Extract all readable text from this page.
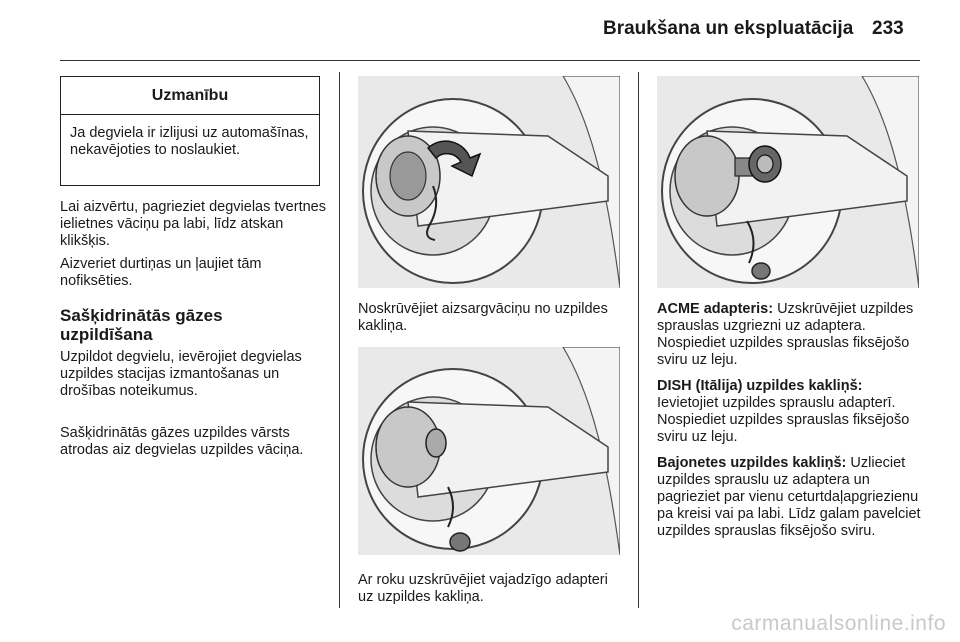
Braukšana un ekspluatācija 233
Uzmanību
Ja degviela ir izlijusi uz automašīnas, nekavējoties to noslaukiet.
Lai aizvērtu, pagrieziet degvielas tvertnes ielietnes vāciņu pa labi, līdz atskan klikšķis.
Aizveriet durtiņas un ļaujiet tām nofiksēties.
Sašķidrinātās gāzes uzpildīšana
Uzpildot degvielu, ievērojiet degvielas uzpildes stacijas izmantošanas un drošības noteikumus.
Sašķidrinātās gāzes uzpildes vārsts atrodas aiz degvielas uzpildes vāciņa.
Noskrūvējiet aizsargvāciņu no uzpildes kakliņa.
Ar roku uzskrūvējiet vajadzīgo adapteri uz uzpildes kakliņa.
ACME adapteris: Uzskrūvējiet uzpildes sprauslas uzgriezni uz adaptera. Nospiediet uzpildes sprauslas fiksējošo sviru uz leju.
DISH (Itālija) uzpildes kakliņš: Ievietojiet uzpildes sprauslu adapterī. Nospiediet uzpildes sprauslas fiksējošo sviru uz leju.
Bajonetes uzpildes kakliņš: Uzlieciet uzpildes sprauslu uz adaptera un pagrieziet par vienu ceturtdaļapgriezienu pa kreisi vai pa labi. Līdz galam pavelciet uzpildes sprauslas fiksējošo sviru.
carmanualsonline.info
